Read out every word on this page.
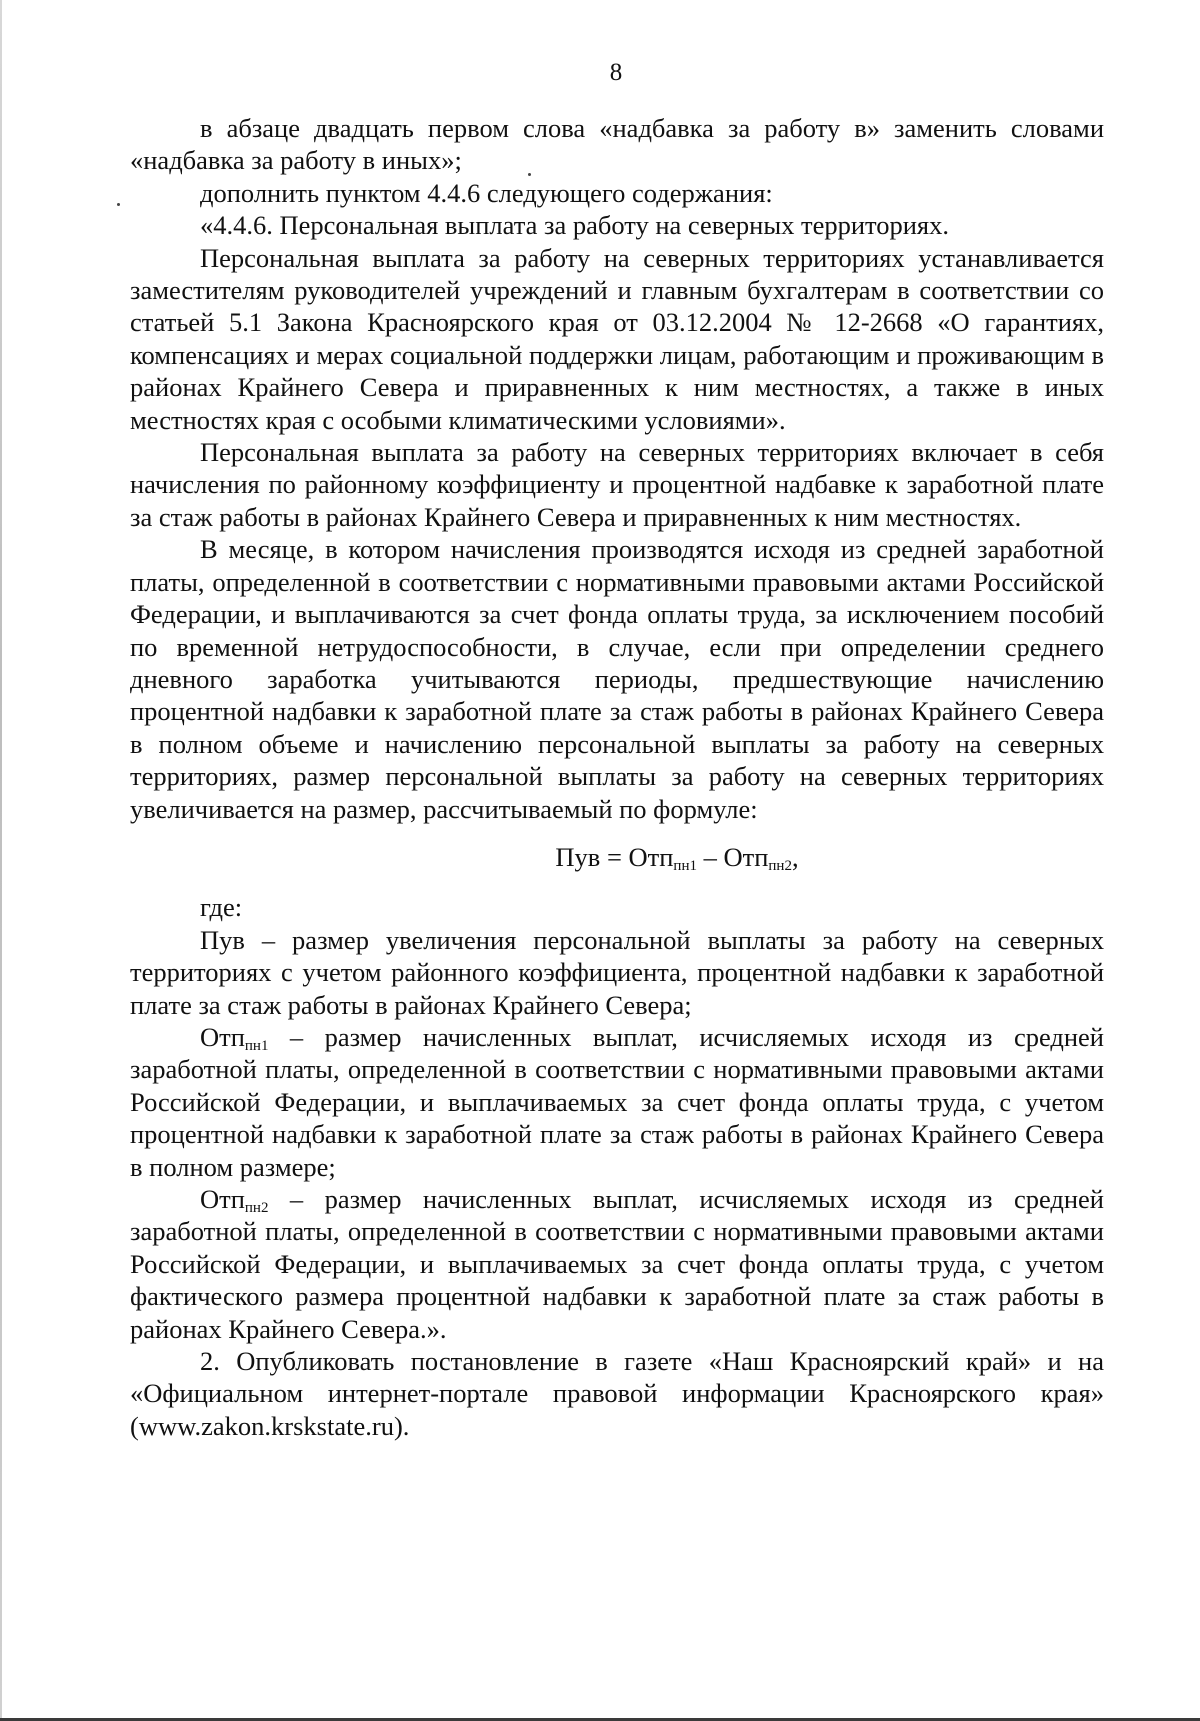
8

в абзаце двадцать первом слова «надбавка за работу в» заменить словами «надбавка за работу в иных»;

дополнить пунктом 4.4.6 следующего содержания:

«4.4.6. Персональная выплата за работу на северных территориях.

Персональная выплата за работу на северных территориях устанавливается заместителям руководителей учреждений и главным бухгалтерам в соответствии со статьей 5.1 Закона Красноярского края от 03.12.2004 № 12-2668 «О гарантиях, компенсациях и мерах социальной поддержки лицам, работающим и проживающим в районах Крайнего Севера и приравненных к ним местностях, а также в иных местностях края с особыми климатическими условиями».

Персональная выплата за работу на северных территориях включает в себя начисления по районному коэффициенту и процентной надбавке к заработной плате за стаж работы в районах Крайнего Севера и приравненных к ним местностях.

В месяце, в котором начисления производятся исходя из средней заработной платы, определенной в соответствии с нормативными правовыми актами Российской Федерации, и выплачиваются за счет фонда оплаты труда, за исключением пособий по временной нетрудоспособности, в случае, если при определении среднего дневного заработка учитываются периоды, предшествующие начислению процентной надбавки к заработной плате за стаж работы в районах Крайнего Севера в полном объеме и начислению персональной выплаты за работу на северных территориях, размер персональной выплаты за работу на северных территориях увеличивается на размер, рассчитываемый по формуле:

Пув = Отп$_{пн1}$ – Отп$_{пн2}$,

где:

Пув – размер увеличения персональной выплаты за работу на северных территориях с учетом районного коэффициента, процентной надбавки к заработной плате за стаж работы в районах Крайнего Севера;

Отп$_{пн1}$ – размер начисленных выплат, исчисляемых исходя из средней заработной платы, определенной в соответствии с нормативными правовыми актами Российской Федерации, и выплачиваемых за счет фонда оплаты труда, с учетом процентной надбавки к заработной плате за стаж работы в районах Крайнего Севера в полном размере;

Отп$_{пн2}$ – размер начисленных выплат, исчисляемых исходя из средней заработной платы, определенной в соответствии с нормативными правовыми актами Российской Федерации, и выплачиваемых за счет фонда оплаты труда, с учетом фактического размера процентной надбавки к заработной плате за стаж работы в районах Крайнего Севера.».

2. Опубликовать постановление в газете «Наш Красноярский край» и на «Официальном интернет-портале правовой информации Красноярского края» (www.zakon.krskstate.ru).
